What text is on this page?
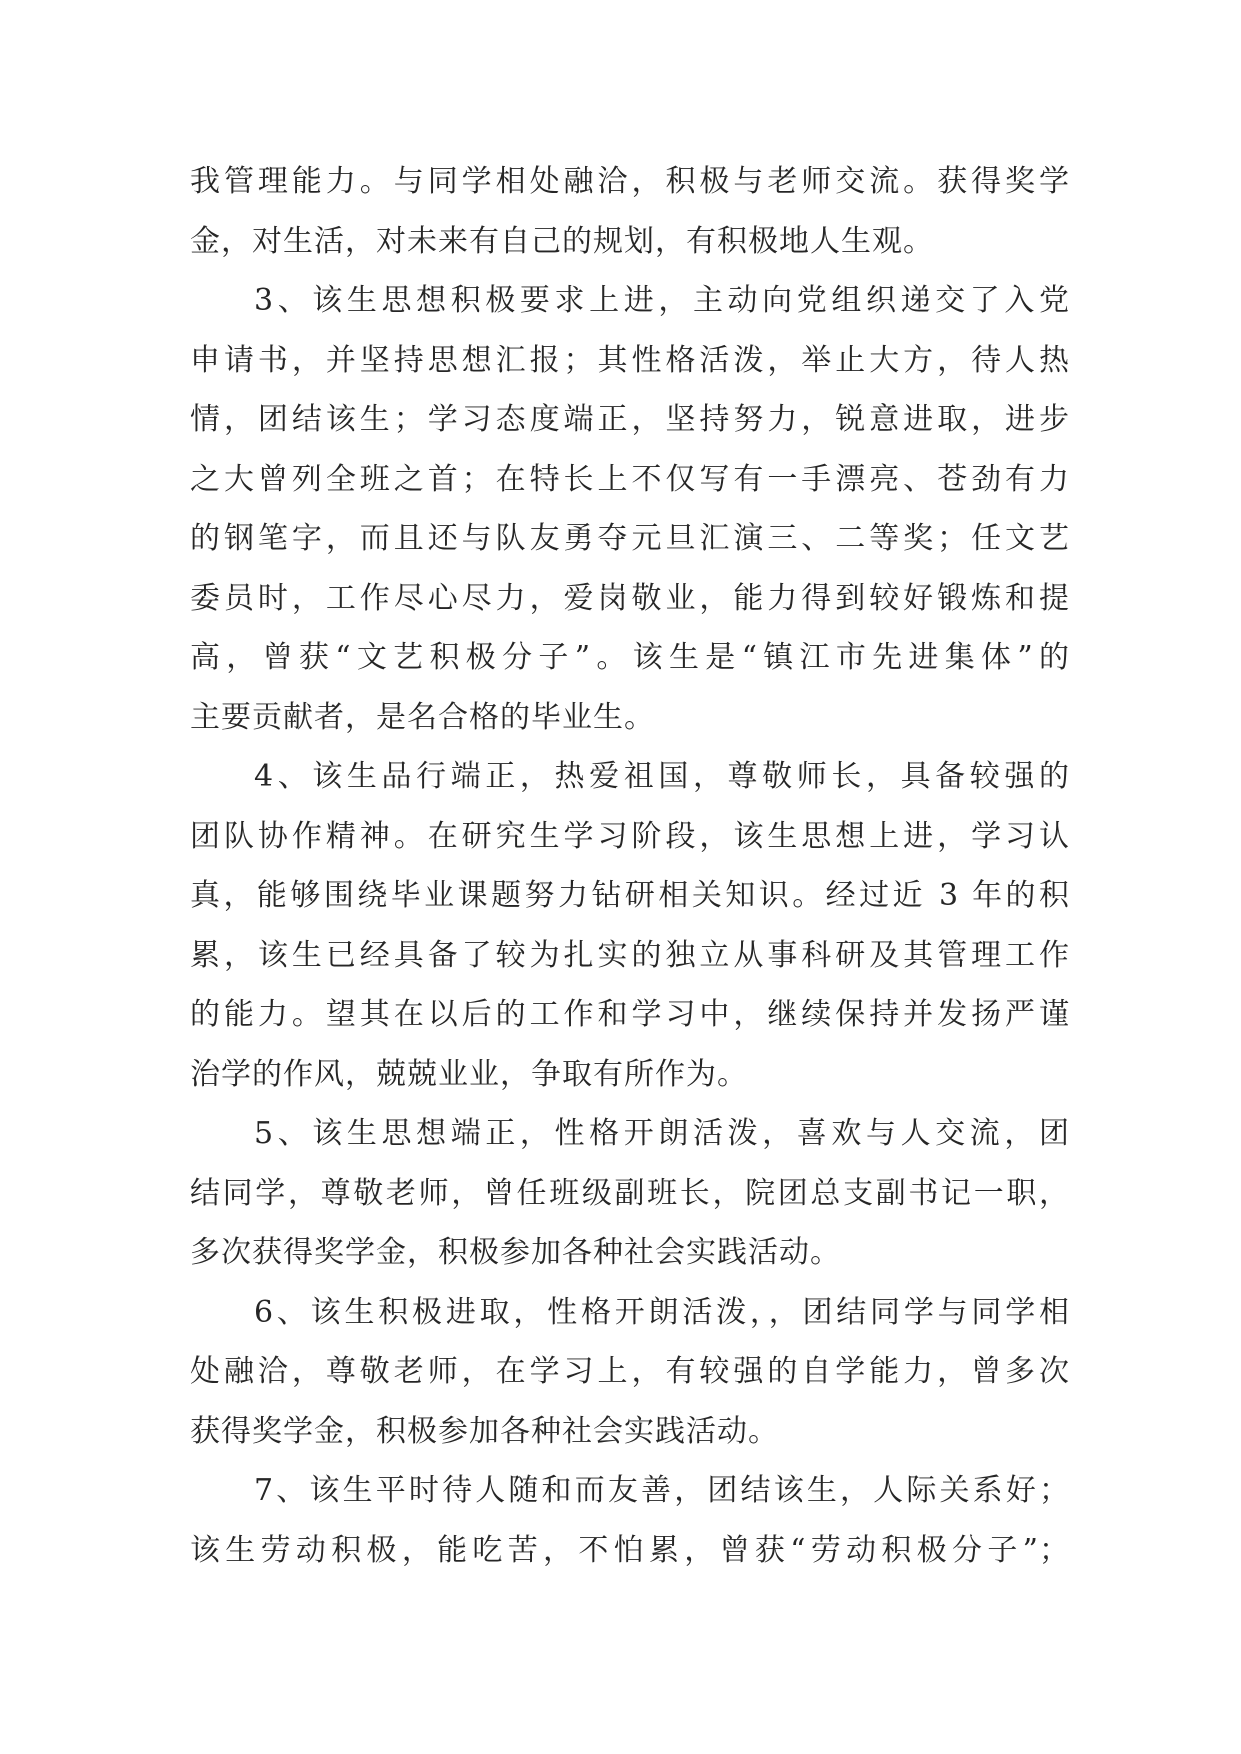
我管理能力。与同学相处融洽，积极与老师交流。获得奖学
金，对生活，对未来有自己的规划，有积极地人生观。
3、该生思想积极要求上进，主动向党组织递交了入党
申请书，并坚持思想汇报；其性格活泼，举止大方，待人热
情，团结该生；学习态度端正，坚持努力，锐意进取，进步
之大曾列全班之首；在特长上不仅写有一手漂亮、苍劲有力
的钢笔字，而且还与队友勇夺元旦汇演三、二等奖；任文艺
委员时，工作尽心尽力，爱岗敬业，能力得到较好锻炼和提
高，曾获“文艺积极分子”。该生是“镇江市先进集体”的
主要贡献者，是名合格的毕业生。
4、该生品行端正，热爱祖国，尊敬师长，具备较强的
团队协作精神。在研究生学习阶段，该生思想上进，学习认
真，能够围绕毕业课题努力钻研相关知识。经过近 3 年的积
累，该生已经具备了较为扎实的独立从事科研及其管理工作
的能力。望其在以后的工作和学习中，继续保持并发扬严谨
治学的作风，兢兢业业，争取有所作为。
5、该生思想端正，性格开朗活泼，喜欢与人交流，团
结同学，尊敬老师，曾任班级副班长，院团总支副书记一职，
多次获得奖学金，积极参加各种社会实践活动。
6、该生积极进取，性格开朗活泼，，团结同学与同学相
处融洽，尊敬老师，在学习上，有较强的自学能力，曾多次
获得奖学金，积极参加各种社会实践活动。
7、该生平时待人随和而友善，团结该生，人际关系好；
该生劳动积极，能吃苦，不怕累，曾获“劳动积极分子”；
